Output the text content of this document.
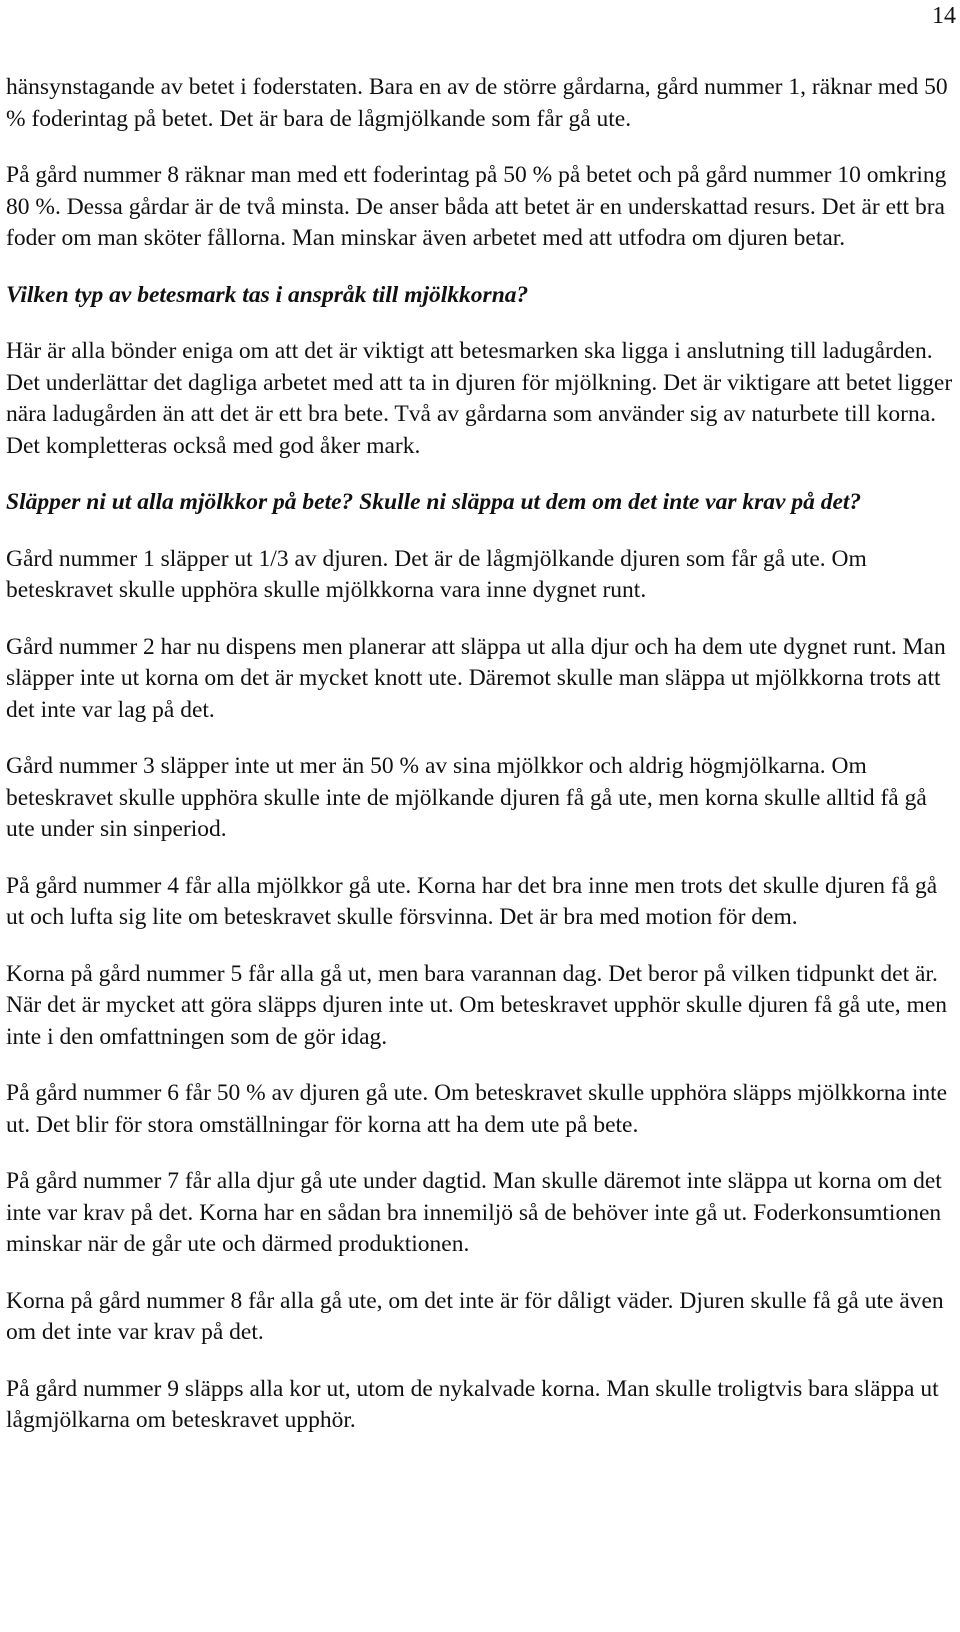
14

hänsynstagande av betet i foderstaten. Bara en av de större gårdarna, gård nummer 1, räknar med 50 % foderintag på betet. Det är bara de lågmjölkande som får gå ute.

På gård nummer 8 räknar man med ett foderintag på 50 % på betet och på gård nummer 10 omkring 80 %. Dessa gårdar är de två minsta. De anser båda att betet är en underskattad resurs. Det är ett bra foder om man sköter fållorna. Man minskar även arbetet med att utfodra om djuren betar.

Vilken typ av betesmark tas i anspråk till mjölkkorna?

Här är alla bönder eniga om att det är viktigt att betesmarken ska ligga i anslutning till ladugården. Det underlättar det dagliga arbetet med att ta in djuren för mjölkning. Det är viktigare att betet ligger nära ladugården än att det är ett bra bete. Två av gårdarna som använder sig av naturbete till korna. Det kompletteras också med god åker mark.

Släpper ni ut alla mjölkkor på bete? Skulle ni släppa ut dem om det inte var krav på det?

Gård nummer 1 släpper ut 1/3 av djuren. Det är de lågmjölkande djuren som får gå ute. Om beteskravet skulle upphöra skulle mjölkkorna vara inne dygnet runt.

Gård nummer 2 har nu dispens men planerar att släppa ut alla djur och ha dem ute dygnet runt. Man släpper inte ut korna om det är mycket knott ute. Däremot skulle man släppa ut mjölkkorna trots att det inte var lag på det.

Gård nummer 3 släpper inte ut mer än 50 % av sina mjölkkor och aldrig högmjölkarna. Om beteskravet skulle upphöra skulle inte de mjölkande djuren få gå ute, men korna skulle alltid få gå ute under sin sinperiod.

På gård nummer 4 får alla mjölkkor gå ute. Korna har det bra inne men trots det skulle djuren få gå ut och lufta sig lite om beteskravet skulle försvinna. Det är bra med motion för dem.

Korna på gård nummer 5 får alla gå ut, men bara varannan dag. Det beror på vilken tidpunkt det är. När det är mycket att göra släpps djuren inte ut. Om beteskravet upphör skulle djuren få gå ute, men inte i den omfattningen som de gör idag.

På gård nummer 6 får 50 % av djuren gå ute. Om beteskravet skulle upphöra släpps mjölkkorna inte ut. Det blir för stora omställningar för korna att ha dem ute på bete.

På gård nummer 7 får alla djur gå ute under dagtid. Man skulle däremot inte släppa ut korna om det inte var krav på det. Korna har en sådan bra innemiljö så de behöver inte gå ut. Foderkonsumtionen minskar när de går ute och därmed produktionen.

Korna på gård nummer 8 får alla gå ute, om det inte är för dåligt väder. Djuren skulle få gå ute även om det inte var krav på det.

På gård nummer 9 släpps alla kor ut, utom de nykalvade korna. Man skulle troligtvis bara släppa ut lågmjölkarna om beteskravet upphör.
